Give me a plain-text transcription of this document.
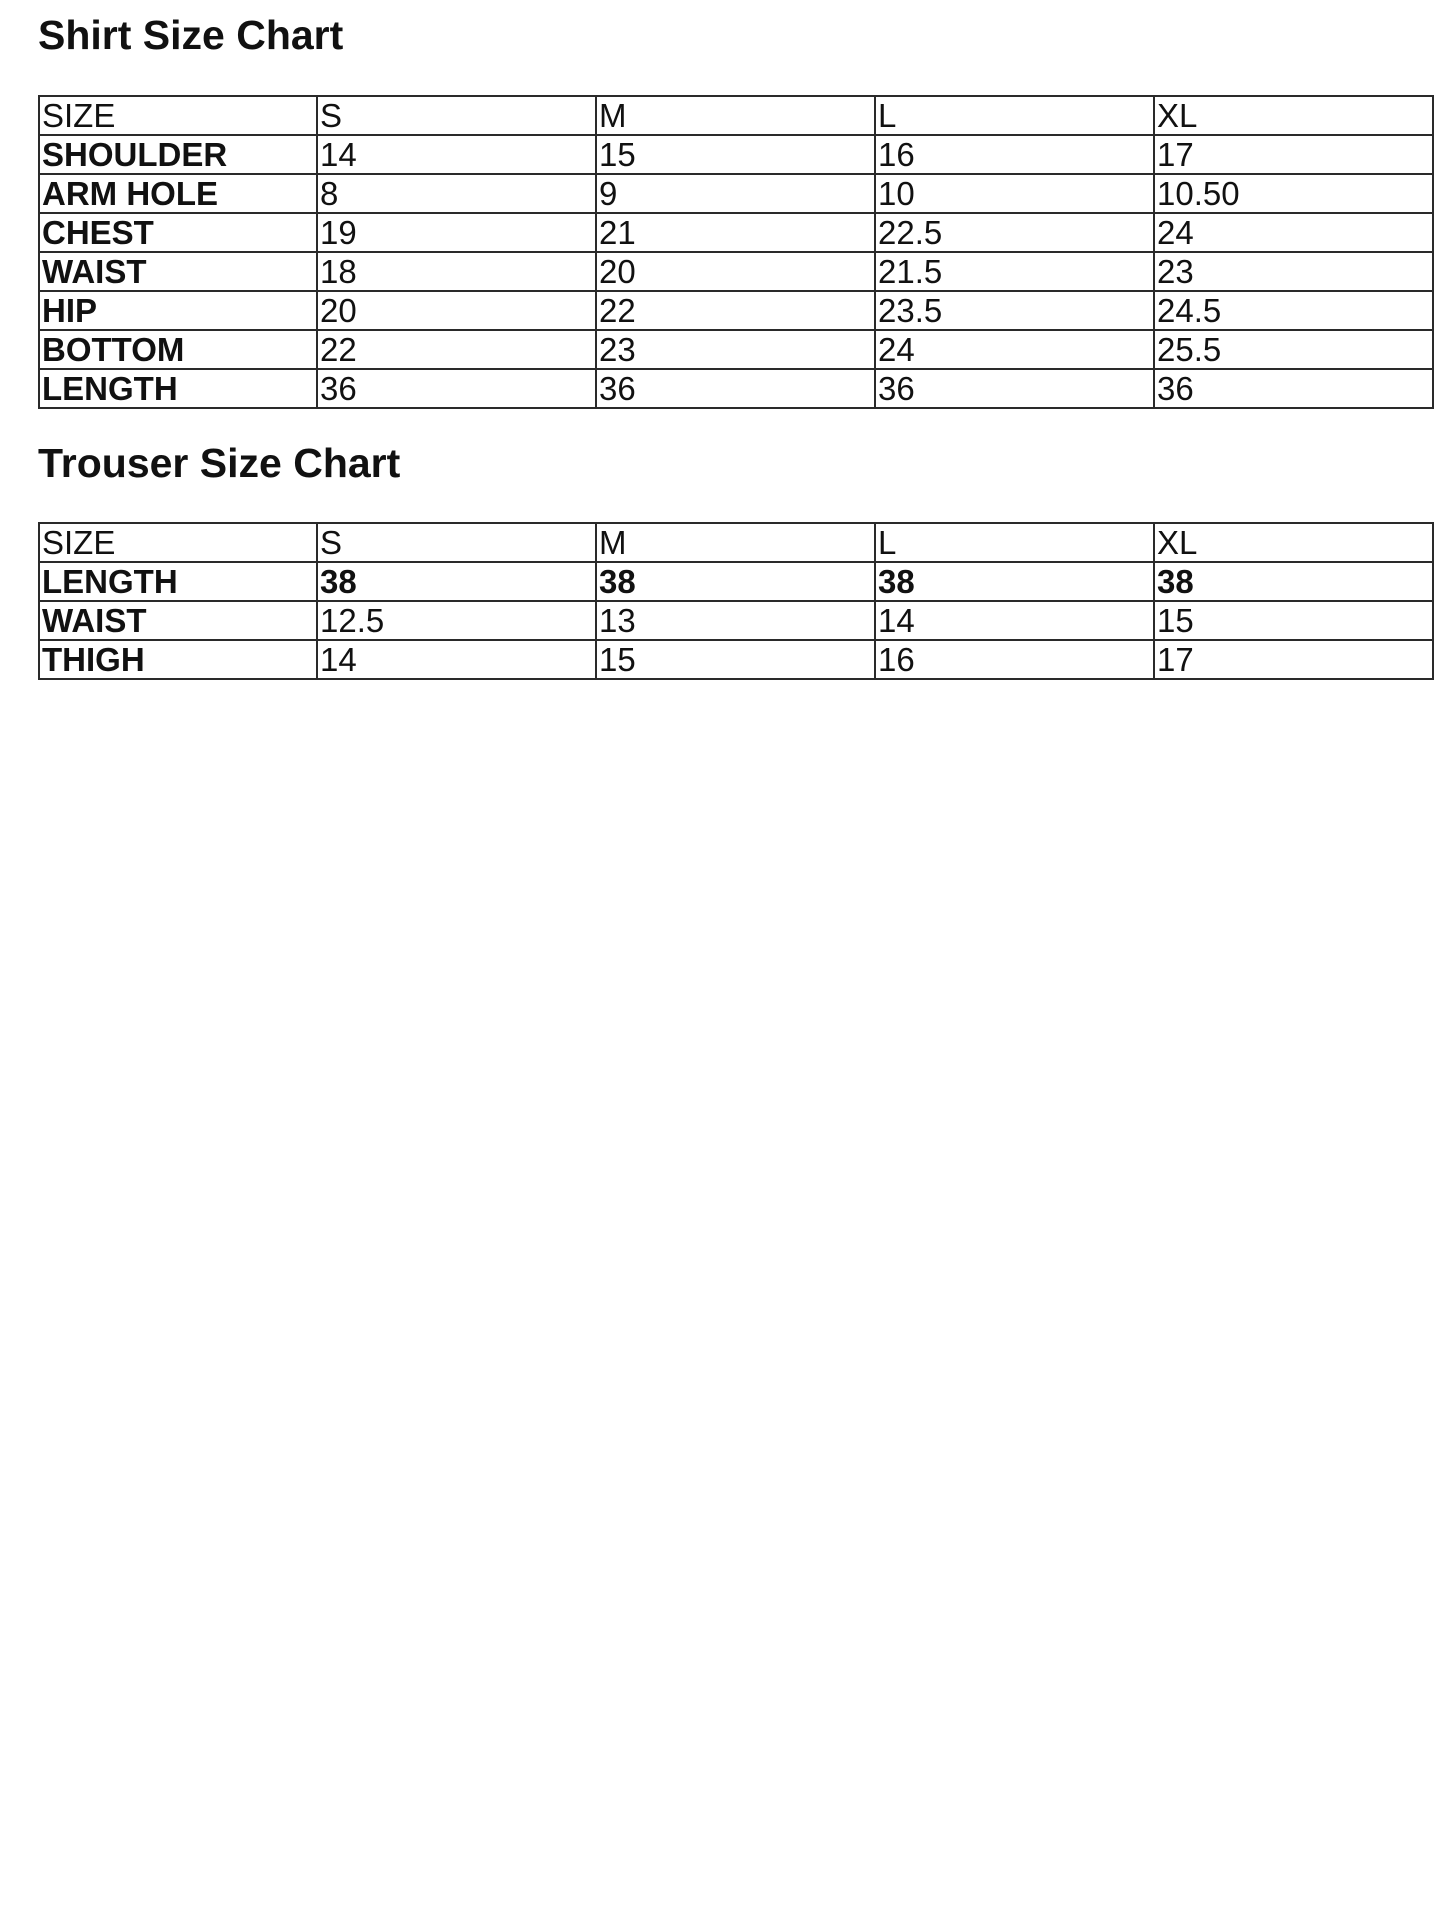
Shirt Size Chart
SIZE	S	M	L	XL
SHOULDER	14	15	16	17
ARM HOLE	8	9	10	10.50
CHEST	19	21	22.5	24
WAIST	18	20	21.5	23
HIP	20	22	23.5	24.5
BOTTOM	22	23	24	25.5
LENGTH	36	36	36	36
Trouser Size Chart
SIZE	S	M	L	XL
LENGTH	38	38	38	38
WAIST	12.5	13	14	15
THIGH	14	15	16	17
